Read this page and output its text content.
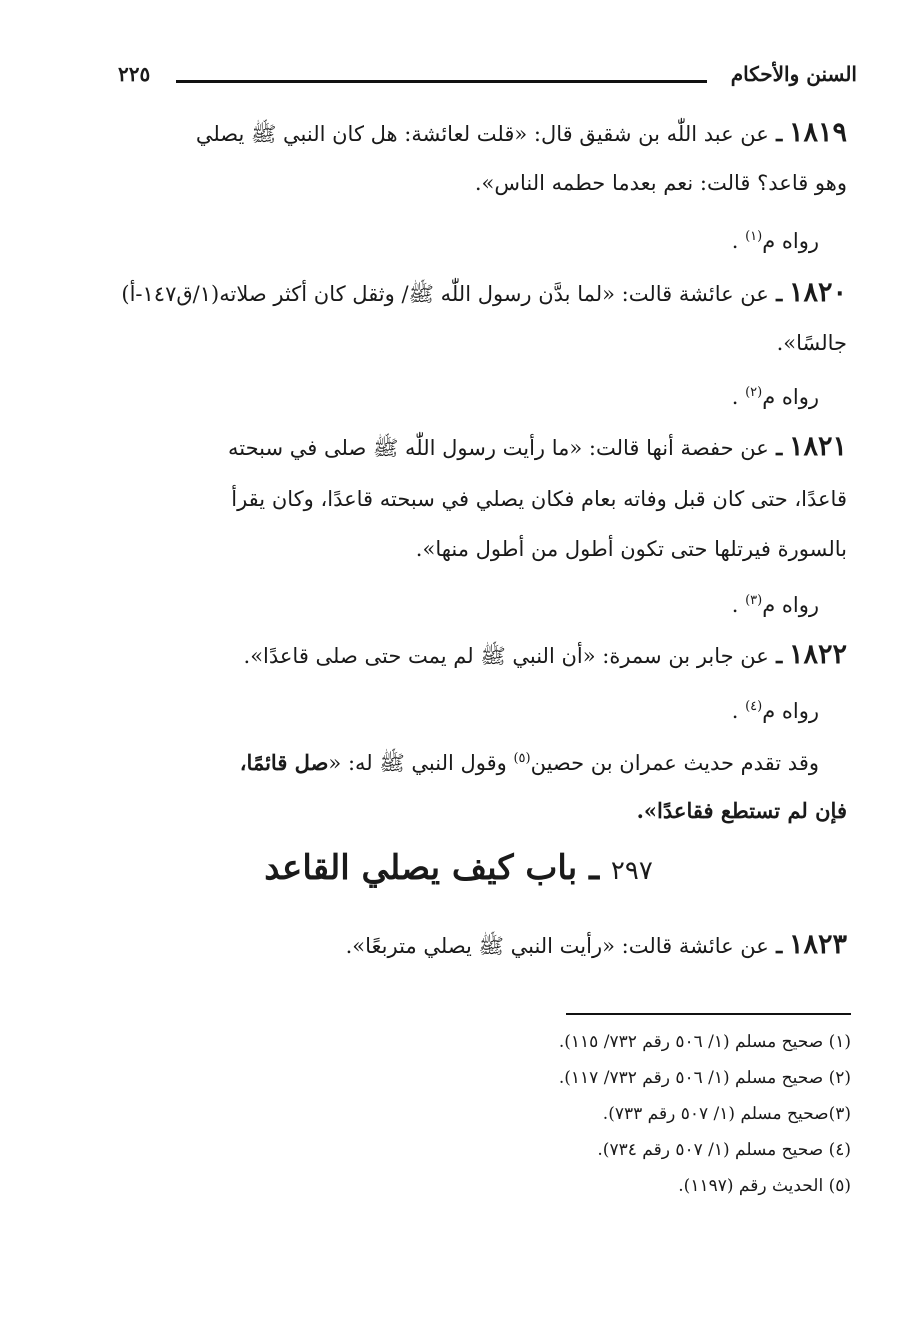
السنن والأحكام
٢٢٥
١٨١٩ ـ عن عبد اللّٰه بن شقيق قال: «قلت لعائشة: هل كان النبي ﷺ يصلي
وهو قاعد؟ قالت: نعم بعدما حطمه الناس».
رواه م$^{(١)}$ .
١٨٢٠ ـ عن عائشة قالت: «لما بدَّن رسول اللّٰه ﷺ/ وثقل كان أكثر صلاته(١/ق١٤٧-أ)
جالسًا».
رواه م$^{(٢)}$ .
١٨٢١ ـ عن حفصة أنها قالت: «ما رأيت رسول اللّٰه ﷺ صلى في سبحته
قاعدًا، حتى كان قبل وفاته بعام فكان يصلي في سبحته قاعدًا، وكان يقرأ
بالسورة فيرتلها حتى تكون أطول من أطول منها».
رواه م$^{(٣)}$ .
١٨٢٢ ـ عن جابر بن سمرة: «أن النبي ﷺ لم يمت حتى صلى قاعدًا».
رواه م$^{(٤)}$ .
وقد تقدم حديث عمران بن حصين$^{(٥)}$ وقول النبي ﷺ له: «صل قائمًا،
فإن لم تستطع فقاعدًا».
٢٩٧ ـ باب كيف يصلي القاعد
١٨٢٣ ـ عن عائشة قالت: «رأيت النبي ﷺ يصلي متربعًا».
(١) صحيح مسلم (١/ ٥٠٦ رقم ٧٣٢/ ١١٥).
(٢) صحيح مسلم (١/ ٥٠٦ رقم ٧٣٢/ ١١٧).
(٣)صحيح مسلم (١/ ٥٠٧ رقم ٧٣٣).
(٤) صحيح مسلم (١/ ٥٠٧ رقم ٧٣٤).
(٥) الحديث رقم (١١٩٧).
